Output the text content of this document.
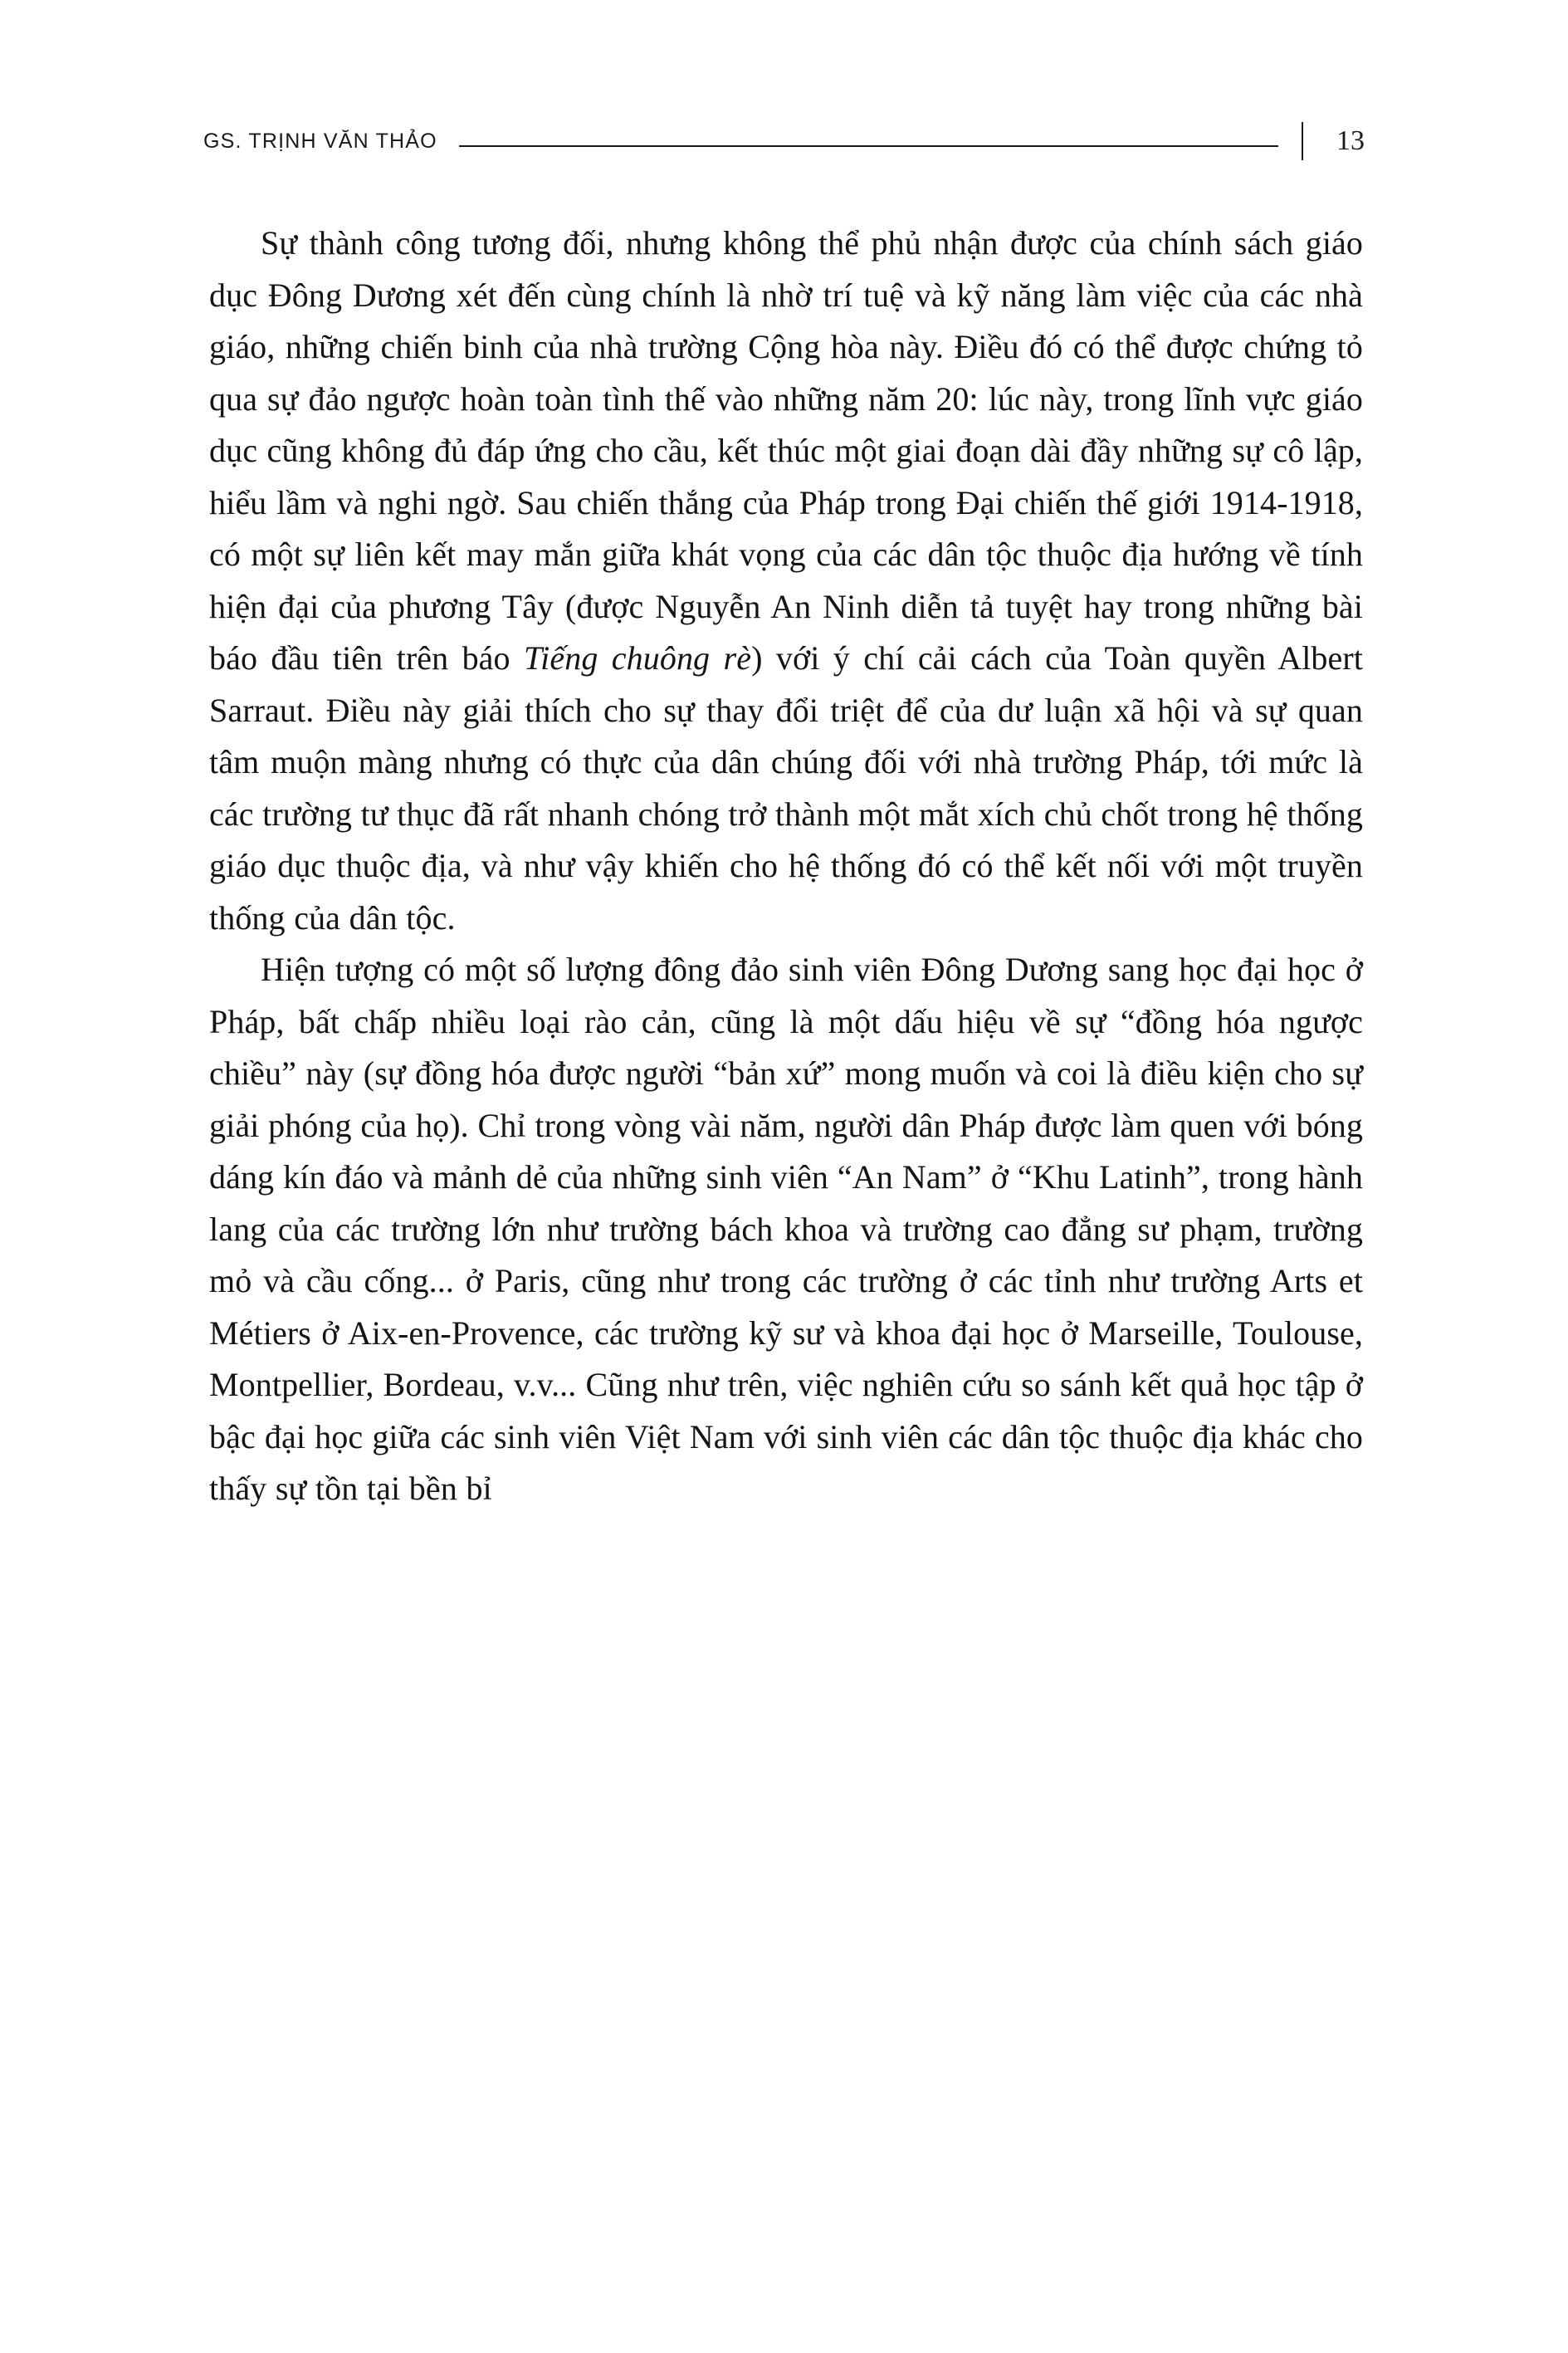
GS. TRỊNH VĂN THẢO	13

Sự thành công tương đối, nhưng không thể phủ nhận được của chính sách giáo dục Đông Dương xét đến cùng chính là nhờ trí tuệ và kỹ năng làm việc của các nhà giáo, những chiến binh của nhà trường Cộng hòa này. Điều đó có thể được chứng tỏ qua sự đảo ngược hoàn toàn tình thế vào những năm 20: lúc này, trong lĩnh vực giáo dục cũng không đủ đáp ứng cho cầu, kết thúc một giai đoạn dài đầy những sự cô lập, hiểu lầm và nghi ngờ. Sau chiến thắng của Pháp trong Đại chiến thế giới 1914-1918, có một sự liên kết may mắn giữa khát vọng của các dân tộc thuộc địa hướng về tính hiện đại của phương Tây (được Nguyễn An Ninh diễn tả tuyệt hay trong những bài báo đầu tiên trên báo Tiếng chuông rè) với ý chí cải cách của Toàn quyền Albert Sarraut. Điều này giải thích cho sự thay đổi triệt để của dư luận xã hội và sự quan tâm muộn màng nhưng có thực của dân chúng đối với nhà trường Pháp, tới mức là các trường tư thục đã rất nhanh chóng trở thành một mắt xích chủ chốt trong hệ thống giáo dục thuộc địa, và như vậy khiến cho hệ thống đó có thể kết nối với một truyền thống của dân tộc.

Hiện tượng có một số lượng đông đảo sinh viên Đông Dương sang học đại học ở Pháp, bất chấp nhiều loại rào cản, cũng là một dấu hiệu về sự “đồng hóa ngược chiều” này (sự đồng hóa được người “bản xứ” mong muốn và coi là điều kiện cho sự giải phóng của họ). Chỉ trong vòng vài năm, người dân Pháp được làm quen với bóng dáng kín đáo và mảnh dẻ của những sinh viên “An Nam” ở “Khu Latinh”, trong hành lang của các trường lớn như trường bách khoa và trường cao đẳng sư phạm, trường mỏ và cầu cống... ở Paris, cũng như trong các trường ở các tỉnh như trường Arts et Métiers ở Aix-en-Provence, các trường kỹ sư và khoa đại học ở Marseille, Toulouse, Montpellier, Bordeau, v.v... Cũng như trên, việc nghiên cứu so sánh kết quả học tập ở bậc đại học giữa các sinh viên Việt Nam với sinh viên các dân tộc thuộc địa khác cho thấy sự tồn tại bền bỉ
